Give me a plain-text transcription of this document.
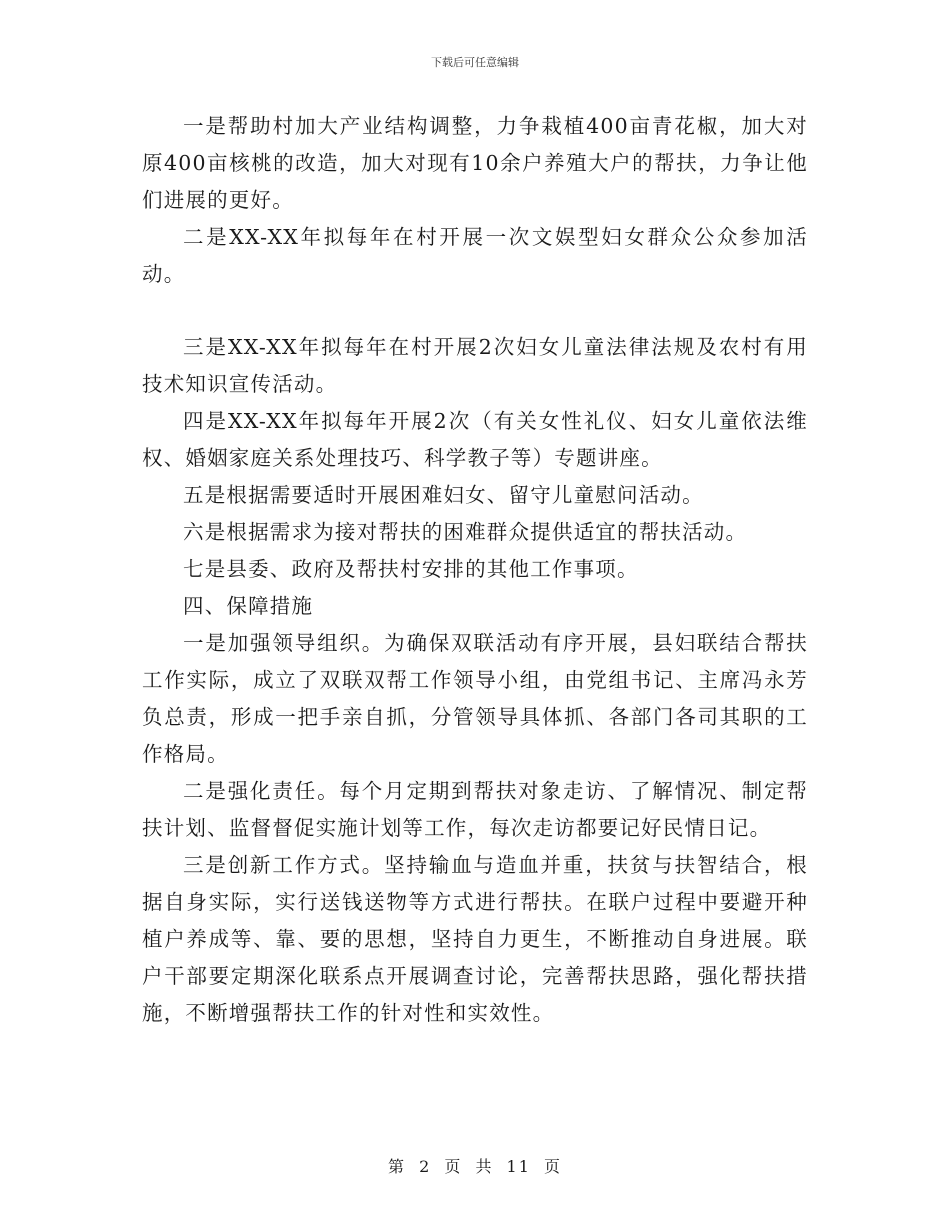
下载后可任意编辑

一是帮助村加大产业结构调整，力争栽植400亩青花椒，加大对原400亩核桃的改造，加大对现有10余户养殖大户的帮扶，力争让他们进展的更好。

二是XX-XX年拟每年在村开展一次文娱型妇女群众公众参加活动。

三是XX-XX年拟每年在村开展2次妇女儿童法律法规及农村有用技术知识宣传活动。

四是XX-XX年拟每年开展2次（有关女性礼仪、妇女儿童依法维权、婚姻家庭关系处理技巧、科学教子等）专题讲座。

五是根据需要适时开展困难妇女、留守儿童慰问活动。

六是根据需求为接对帮扶的困难群众提供适宜的帮扶活动。

七是县委、政府及帮扶村安排的其他工作事项。

四、保障措施

一是加强领导组织。为确保双联活动有序开展，县妇联结合帮扶工作实际，成立了双联双帮工作领导小组，由党组书记、主席冯永芳负总责，形成一把手亲自抓，分管领导具体抓、各部门各司其职的工作格局。

二是强化责任。每个月定期到帮扶对象走访、了解情况、制定帮扶计划、监督督促实施计划等工作，每次走访都要记好民情日记。

三是创新工作方式。坚持输血与造血并重，扶贫与扶智结合，根据自身实际，实行送钱送物等方式进行帮扶。在联户过程中要避开种植户养成等、靠、要的思想，坚持自力更生，不断推动自身进展。联户干部要定期深化联系点开展调查讨论，完善帮扶思路，强化帮扶措施，不断增强帮扶工作的针对性和实效性。

第 2 页 共 11 页
